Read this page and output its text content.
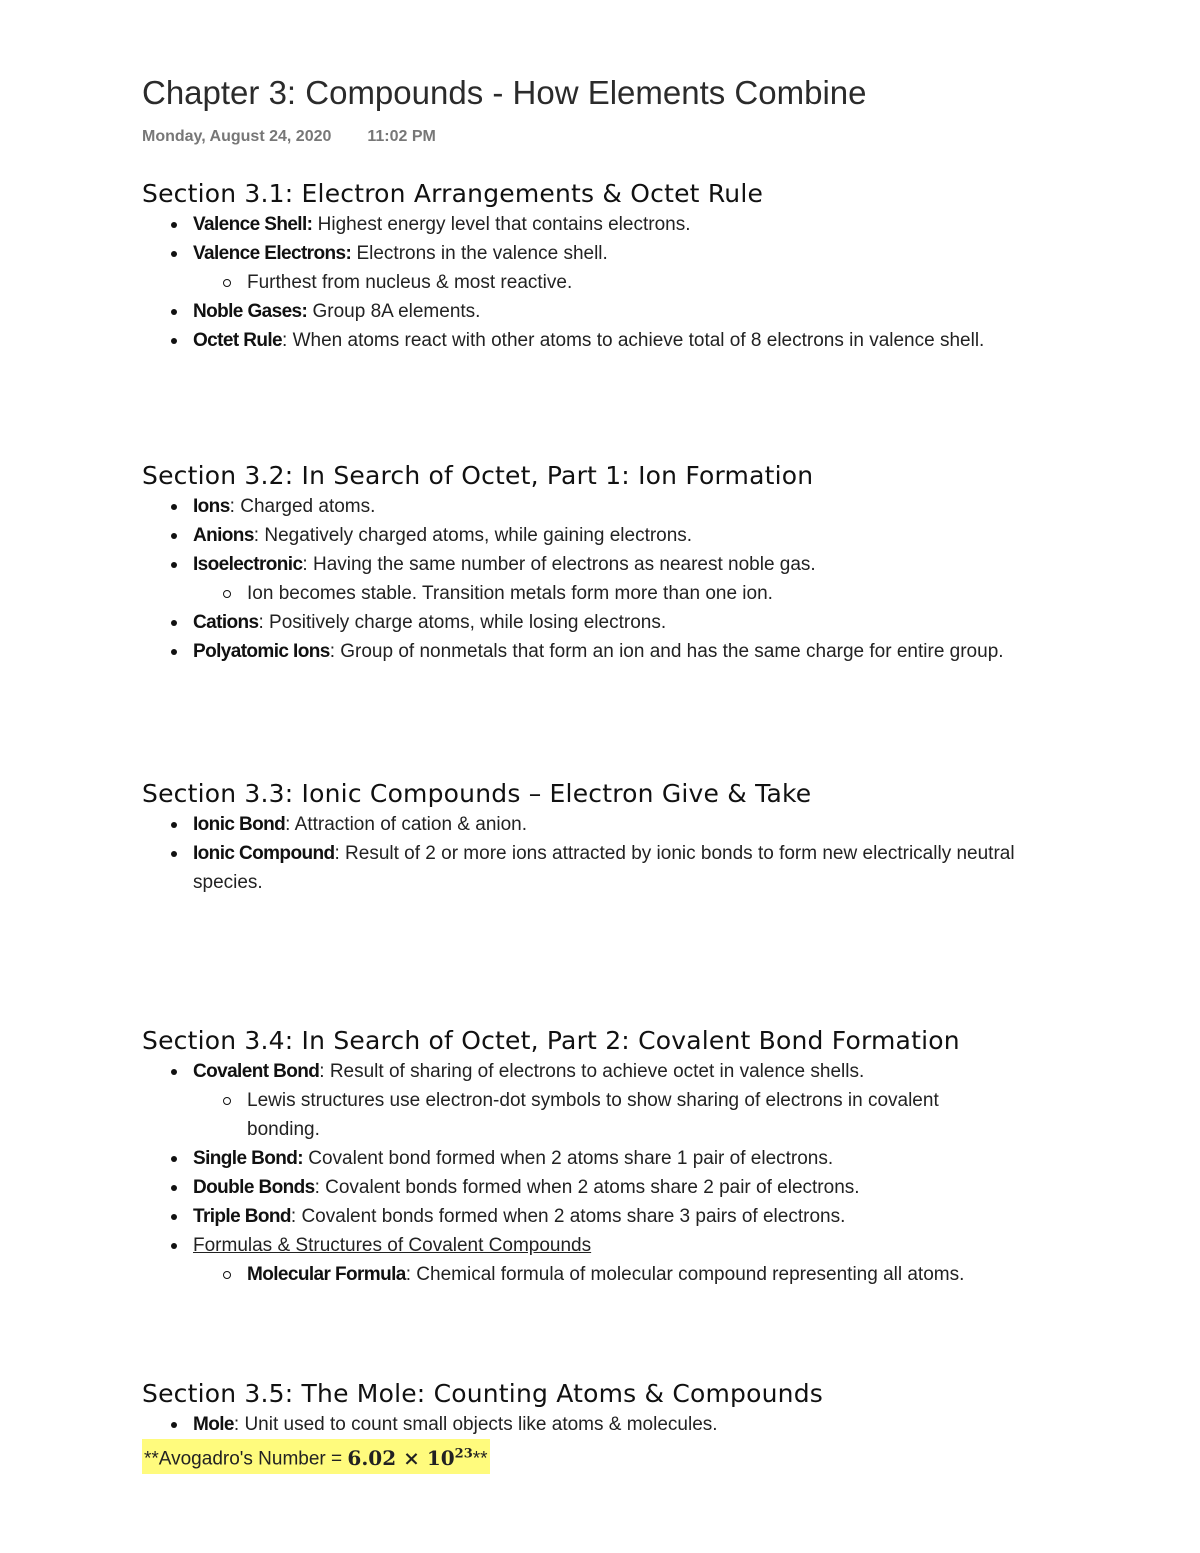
Chapter 3: Compounds - How Elements Combine
Monday, August 24, 2020 11:02 PM
Section 3.1: Electron Arrangements & Octet Rule
Valence Shell: Highest energy level that contains electrons.
Valence Electrons: Electrons in the valence shell.
Furthest from nucleus & most reactive.
Noble Gases: Group 8A elements.
Octet Rule: When atoms react with other atoms to achieve total of 8 electrons in valence shell.
Section 3.2: In Search of Octet, Part 1: Ion Formation
Ions: Charged atoms.
Anions: Negatively charged atoms, while gaining electrons.
Isoelectronic: Having the same number of electrons as nearest noble gas.
Ion becomes stable. Transition metals form more than one ion.
Cations: Positively charge atoms, while losing electrons.
Polyatomic Ions: Group of nonmetals that form an ion and has the same charge for entire group.
Section 3.3: Ionic Compounds – Electron Give & Take
Ionic Bond: Attraction of cation & anion.
Ionic Compound: Result of 2 or more ions attracted by ionic bonds to form new electrically neutral species.
Section 3.4: In Search of Octet, Part 2: Covalent Bond Formation
Covalent Bond: Result of sharing of electrons to achieve octet in valence shells.
Lewis structures use electron-dot symbols to show sharing of electrons in covalent bonding.
Single Bond: Covalent bond formed when 2 atoms share 1 pair of electrons.
Double Bonds: Covalent bonds formed when 2 atoms share 2 pair of electrons.
Triple Bond: Covalent bonds formed when 2 atoms share 3 pairs of electrons.
Formulas & Structures of Covalent Compounds
Molecular Formula: Chemical formula of molecular compound representing all atoms.
Section 3.5: The Mole: Counting Atoms & Compounds
Mole: Unit used to count small objects like atoms & molecules.
**Avogadro's Number = $6.02 \times 10^{23}**$
